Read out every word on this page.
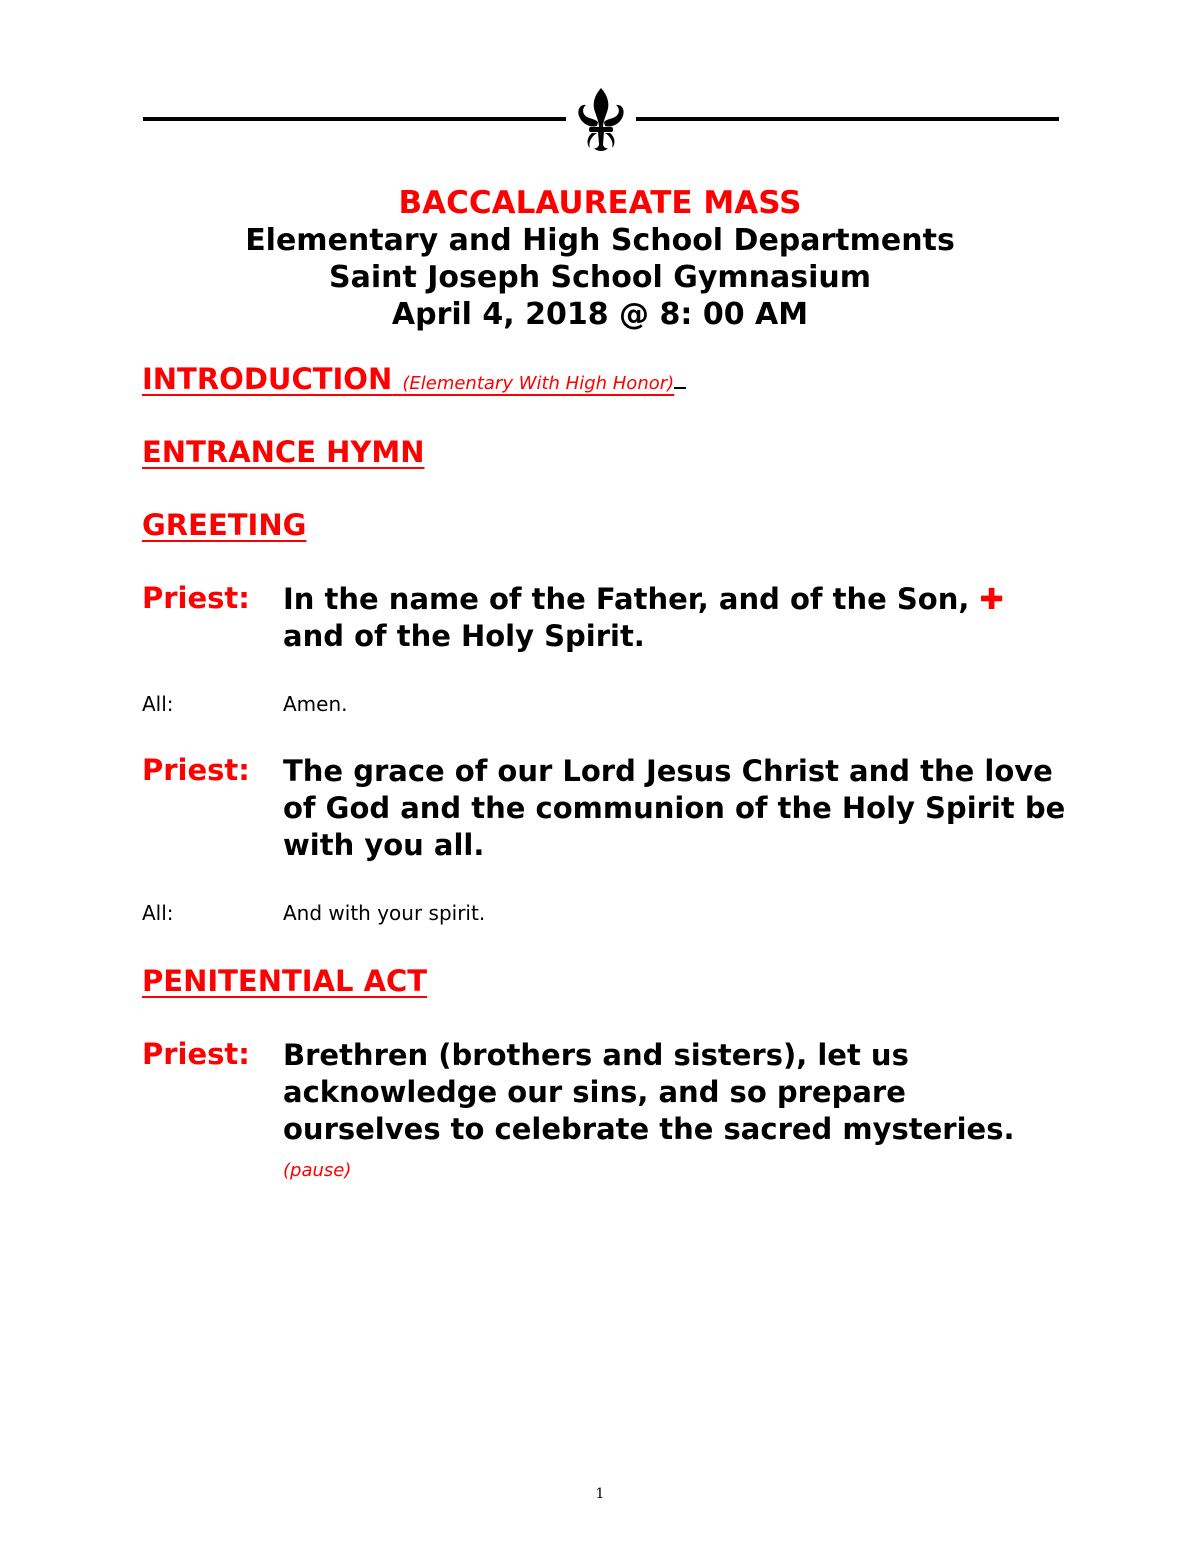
BACCALAUREATE MASS

Elementary and High School Departments

Saint Joseph School Gymnasium

April 4, 2018 @ 8: 00 AM

INTRODUCTION (Elementary With High Honor)
ENTRANCE HYMN
GREETING
Priest: In the name of the Father, and of the Son, ✚
and of the Holy Spirit.
All:	Amen.
Priest: The grace of our Lord Jesus Christ and the love of God and the communion of the Holy Spirit be with you all.
All:	And with your spirit.
PENITENTIAL ACT
Priest: Brethren (brothers and sisters), let us acknowledge our sins, and so prepare ourselves to celebrate the sacred mysteries. (pause)
1
